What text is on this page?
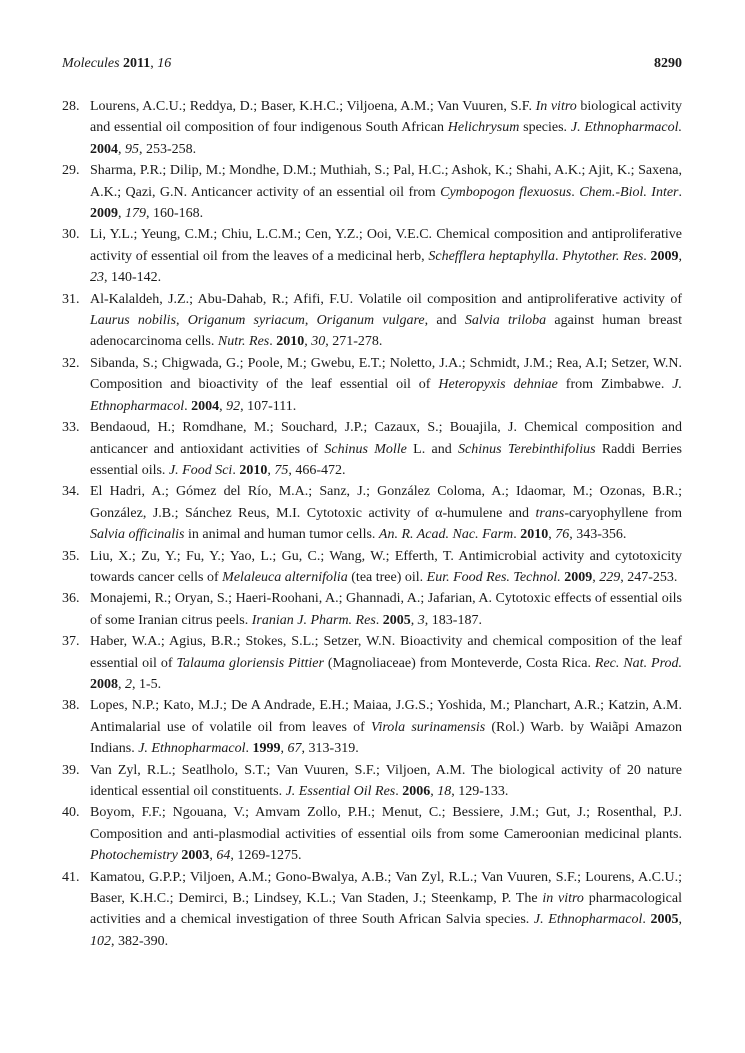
Molecules 2011, 16	8290
28. Lourens, A.C.U.; Reddya, D.; Baser, K.H.C.; Viljoena, A.M.; Van Vuuren, S.F. In vitro biological activity and essential oil composition of four indigenous South African Helichrysum species. J. Ethnopharmacol. 2004, 95, 253-258.
29. Sharma, P.R.; Dilip, M.; Mondhe, D.M.; Muthiah, S.; Pal, H.C.; Ashok, K.; Shahi, A.K.; Ajit, K.; Saxena, A.K.; Qazi, G.N. Anticancer activity of an essential oil from Cymbopogon flexuosus. Chem.-Biol. Inter. 2009, 179, 160-168.
30. Li, Y.L.; Yeung, C.M.; Chiu, L.C.M.; Cen, Y.Z.; Ooi, V.E.C. Chemical composition and antiproliferative activity of essential oil from the leaves of a medicinal herb, Schefflera heptaphylla. Phytother. Res. 2009, 23, 140-142.
31. Al-Kalaldeh, J.Z.; Abu-Dahab, R.; Afifi, F.U. Volatile oil composition and antiproliferative activity of Laurus nobilis, Origanum syriacum, Origanum vulgare, and Salvia triloba against human breast adenocarcinoma cells. Nutr. Res. 2010, 30, 271-278.
32. Sibanda, S.; Chigwada, G.; Poole, M.; Gwebu, E.T.; Noletto, J.A.; Schmidt, J.M.; Rea, A.I; Setzer, W.N. Composition and bioactivity of the leaf essential oil of Heteropyxis dehniae from Zimbabwe. J. Ethnopharmacol. 2004, 92, 107-111.
33. Bendaoud, H.; Romdhane, M.; Souchard, J.P.; Cazaux, S.; Bouajila, J. Chemical composition and anticancer and antioxidant activities of Schinus Molle L. and Schinus Terebinthifolius Raddi Berries essential oils. J. Food Sci. 2010, 75, 466-472.
34. El Hadri, A.; Gómez del Río, M.A.; Sanz, J.; González Coloma, A.; Idaomar, M.; Ozonas, B.R.; González, J.B.; Sánchez Reus, M.I. Cytotoxic activity of α-humulene and trans-caryophyllene from Salvia officinalis in animal and human tumor cells. An. R. Acad. Nac. Farm. 2010, 76, 343-356.
35. Liu, X.; Zu, Y.; Fu, Y.; Yao, L.; Gu, C.; Wang, W.; Efferth, T. Antimicrobial activity and cytotoxicity towards cancer cells of Melaleuca alternifolia (tea tree) oil. Eur. Food Res. Technol. 2009, 229, 247-253.
36. Monajemi, R.; Oryan, S.; Haeri-Roohani, A.; Ghannadi, A.; Jafarian, A. Cytotoxic effects of essential oils of some Iranian citrus peels. Iranian J. Pharm. Res. 2005, 3, 183-187.
37. Haber, W.A.; Agius, B.R.; Stokes, S.L.; Setzer, W.N. Bioactivity and chemical composition of the leaf essential oil of Talauma gloriensis Pittier (Magnoliaceae) from Monteverde, Costa Rica. Rec. Nat. Prod. 2008, 2, 1-5.
38. Lopes, N.P.; Kato, M.J.; De A Andrade, E.H.; Maiaa, J.G.S.; Yoshida, M.; Planchart, A.R.; Katzin, A.M. Antimalarial use of volatile oil from leaves of Virola surinamensis (Rol.) Warb. by Waiãpi Amazon Indians. J. Ethnopharmacol. 1999, 67, 313-319.
39. Van Zyl, R.L.; Seatlholo, S.T.; Van Vuuren, S.F.; Viljoen, A.M. The biological activity of 20 nature identical essential oil constituents. J. Essential Oil Res. 2006, 18, 129-133.
40. Boyom, F.F.; Ngouana, V.; Amvam Zollo, P.H.; Menut, C.; Bessiere, J.M.; Gut, J.; Rosenthal, P.J. Composition and anti-plasmodial activities of essential oils from some Cameroonian medicinal plants. Photochemistry 2003, 64, 1269-1275.
41. Kamatou, G.P.P.; Viljoen, A.M.; Gono-Bwalya, A.B.; Van Zyl, R.L.; Van Vuuren, S.F.; Lourens, A.C.U.; Baser, K.H.C.; Demirci, B.; Lindsey, K.L.; Van Staden, J.; Steenkamp, P. The in vitro pharmacological activities and a chemical investigation of three South African Salvia species. J. Ethnopharmacol. 2005, 102, 382-390.
